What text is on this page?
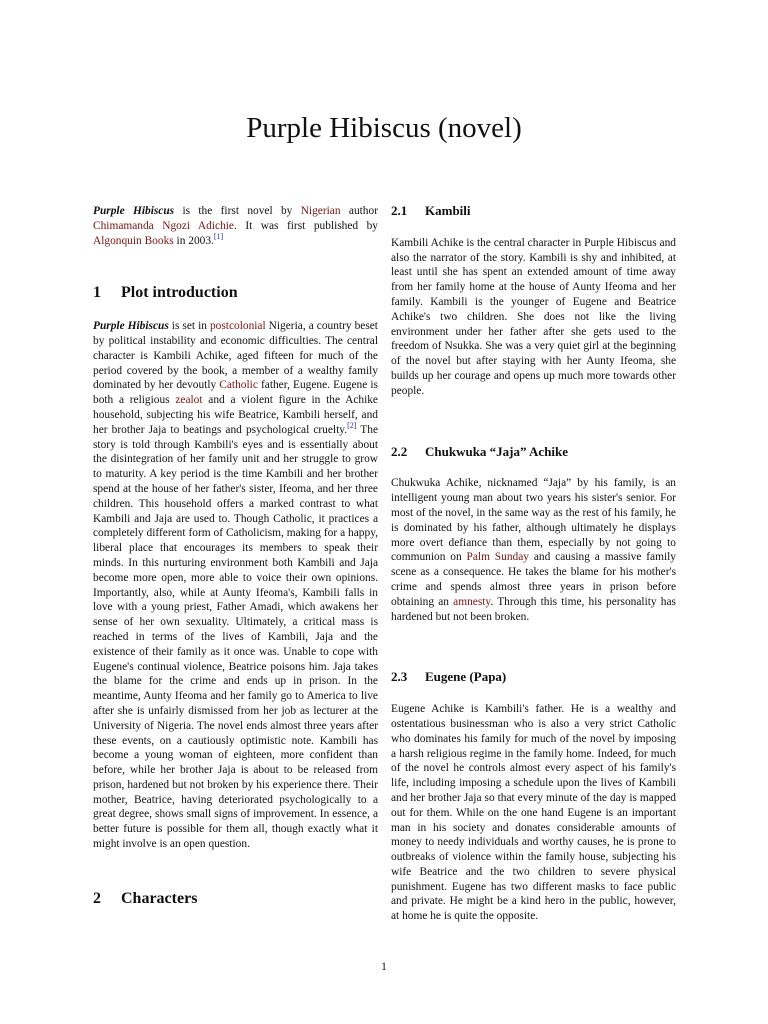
Purple Hibiscus (novel)

Purple Hibiscus is the first novel by Nigerian author Chimamanda Ngozi Adichie. It was first published by Algonquin Books in 2003.[1]

1 Plot introduction

Purple Hibiscus is set in postcolonial Nigeria, a country beset by political instability and economic difficulties. The central character is Kambili Achike, aged fifteen for much of the period covered by the book, a member of a wealthy family dominated by her devoutly Catholic father, Eugene. Eugene is both a religious zealot and a violent figure in the Achike household, subjecting his wife Beatrice, Kambili herself, and her brother Jaja to beatings and psychological cruelty.[2] The story is told through Kambili's eyes and is essentially about the disintegration of her family unit and her struggle to grow to maturity. A key period is the time Kambili and her brother spend at the house of her father's sister, Ifeoma, and her three children. This household offers a marked contrast to what Kambili and Jaja are used to. Though Catholic, it practices a completely different form of Catholicism, making for a happy, liberal place that encourages its members to speak their minds. In this nurturing environment both Kambili and Jaja become more open, more able to voice their own opinions. Importantly, also, while at Aunty Ifeoma's, Kambili falls in love with a young priest, Father Amadi, which awakens her sense of her own sexuality. Ultimately, a critical mass is reached in terms of the lives of Kambili, Jaja and the existence of their family as it once was. Unable to cope with Eugene's continual violence, Beatrice poisons him. Jaja takes the blame for the crime and ends up in prison. In the meantime, Aunty Ifeoma and her family go to America to live after she is unfairly dismissed from her job as lecturer at the University of Nigeria. The novel ends almost three years after these events, on a cautiously optimistic note. Kambili has become a young woman of eighteen, more confident than before, while her brother Jaja is about to be released from prison, hardened but not broken by his experience there. Their mother, Beatrice, having deteriorated psychologically to a great degree, shows small signs of improvement. In essence, a better future is possible for them all, though exactly what it might involve is an open question.

2 Characters
2.1 Kambili

Kambili Achike is the central character in Purple Hibiscus and also the narrator of the story. Kambili is shy and inhibited, at least until she has spent an extended amount of time away from her family home at the house of Aunty Ifeoma and her family. Kambili is the younger of Eugene and Beatrice Achike's two children. She does not like the living environment under her father after she gets used to the freedom of Nsukka. She was a very quiet girl at the beginning of the novel but after staying with her Aunty Ifeoma, she builds up her courage and opens up much more towards other people.

2.2 Chukwuka “Jaja” Achike

Chukwuka Achike, nicknamed “Jaja” by his family, is an intelligent young man about two years his sister's senior. For most of the novel, in the same way as the rest of his family, he is dominated by his father, although ultimately he displays more overt defiance than them, especially by not going to communion on Palm Sunday and causing a massive family scene as a consequence. He takes the blame for his mother's crime and spends almost three years in prison before obtaining an amnesty. Through this time, his personality has hardened but not been broken.

2.3 Eugene (Papa)

Eugene Achike is Kambili's father. He is a wealthy and ostentatious businessman who is also a very strict Catholic who dominates his family for much of the novel by imposing a harsh religious regime in the family home. Indeed, for much of the novel he controls almost every aspect of his family's life, including imposing a schedule upon the lives of Kambili and her brother Jaja so that every minute of the day is mapped out for them. While on the one hand Eugene is an important man in his society and donates considerable amounts of money to needy individuals and worthy causes, he is prone to outbreaks of violence within the family house, subjecting his wife Beatrice and the two children to severe physical punishment. Eugene has two different masks to face public and private. He might be a kind hero in the public, however, at home he is quite the opposite.

1
